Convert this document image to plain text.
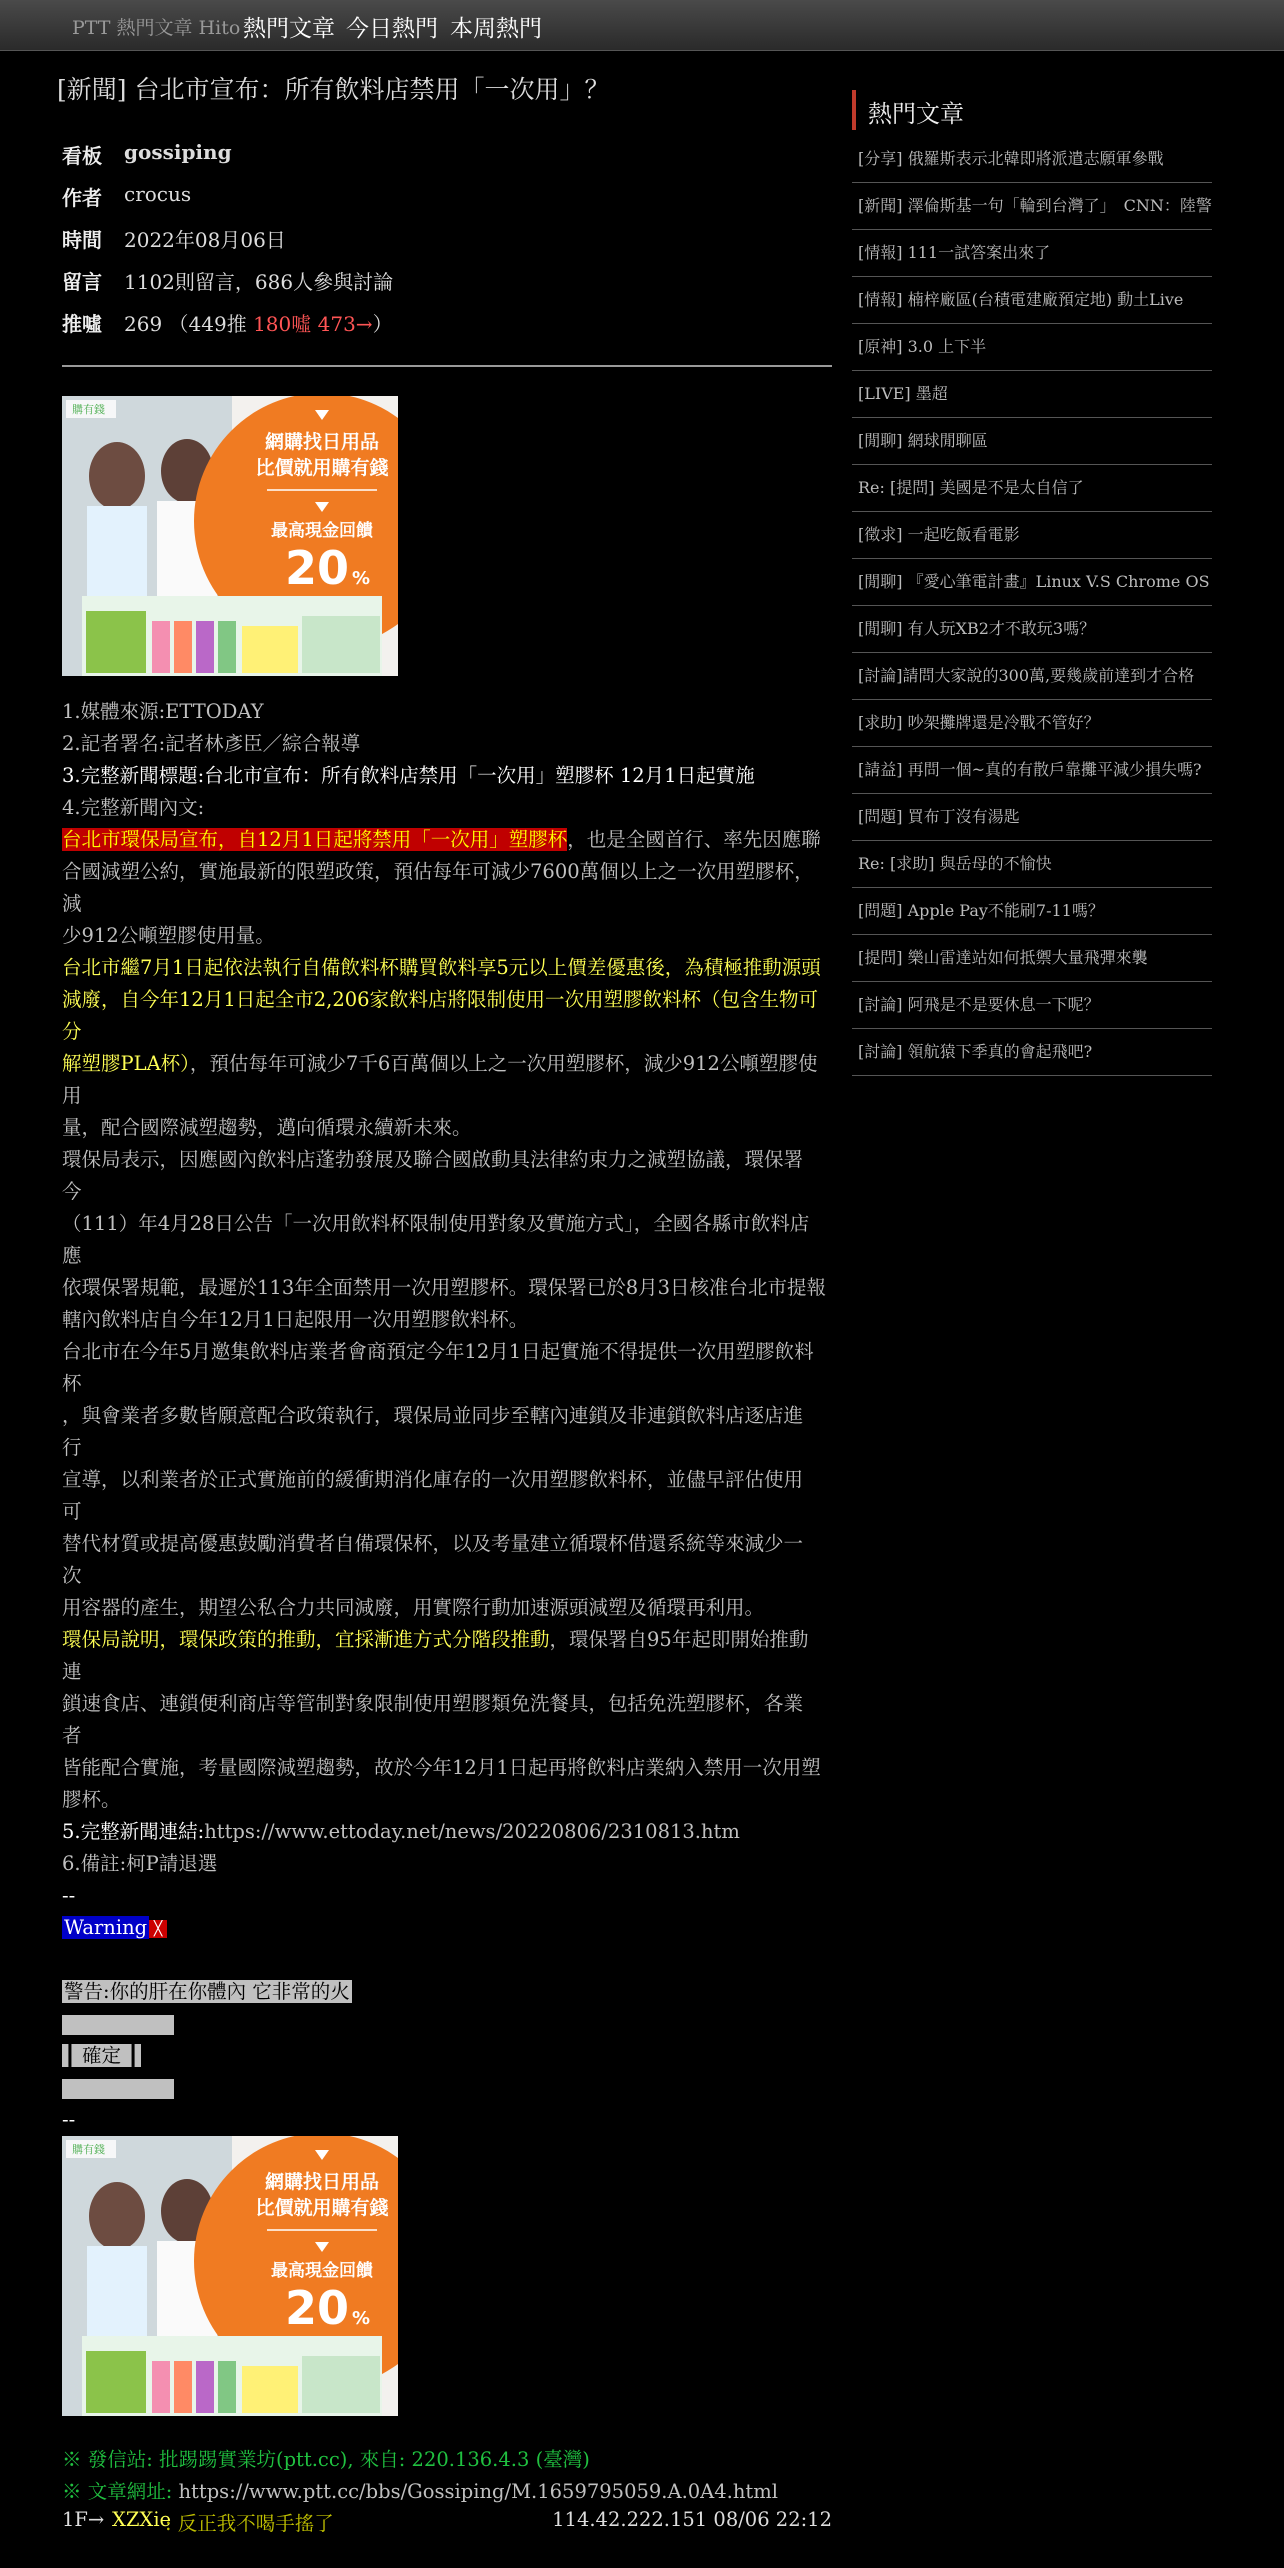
PTT 熱門文章 Hito 熱門文章 今日熱門 本周熱門
[新聞] 台北市宣布：所有飲料店禁用「一次用」？
看板 gossiping
作者 crocus
時間 2022年08月06日
留言 1102則留言，686人參與討論
推噓 269 （449推 180噓 473→）
網購找日用品
比價就用購有錢
最高現金回饋
20 %
購有錢
網購找日用品
比價就用購有錢
最高現金回饋
20 %
購有錢
1.媒體來源:ETTODAY
2.記者署名:記者林彥臣／綜合報導
3.完整新聞標題:台北市宣布：所有飲料店禁用「一次用」塑膠杯 12月1日起實施
4.完整新聞內文:
台北市環保局宣布，自12月1日起將禁用「一次用」塑膠杯，也是全國首行、率先因應聯
合國減塑公約，實施最新的限塑政策，預估每年可減少7600萬個以上之一次用塑膠杯，
減
少912公噸塑膠使用量。
台北市繼7月1日起依法執行自備飲料杯購買飲料享5元以上價差優惠後，為積極推動源頭
減廢，自今年12月1日起全市2,206家飲料店將限制使用一次用塑膠飲料杯（包含生物可
分
解塑膠PLA杯），預估每年可減少7千6百萬個以上之一次用塑膠杯，減少912公噸塑膠使
用
量，配合國際減塑趨勢，邁向循環永續新未來。
環保局表示，因應國內飲料店蓬勃發展及聯合國啟動具法律約束力之減塑協議，環保署
今
（111）年4月28日公告「一次用飲料杯限制使用對象及實施方式」，全國各縣市飲料店
應
依環保署規範，最遲於113年全面禁用一次用塑膠杯。環保署已於8月3日核准台北市提報
轄內飲料店自今年12月1日起限用一次用塑膠飲料杯。
台北市在今年5月邀集飲料店業者會商預定今年12月1日起實施不得提供一次用塑膠飲料
杯
，與會業者多數皆願意配合政策執行，環保局並同步至轄內連鎖及非連鎖飲料店逐店進
行
宣導，以利業者於正式實施前的緩衝期消化庫存的一次用塑膠飲料杯，並儘早評估使用
可
替代材質或提高優惠鼓勵消費者自備環保杯，以及考量建立循環杯借還系統等來減少一
次
用容器的產生，期望公私合力共同減廢，用實際行動加速源頭減塑及循環再利用。
環保局說明，環保政策的推動，宜採漸進方式分階段推動，環保署自95年起即開始推動
連
鎖速食店、連鎖便利商店等管制對象限制使用塑膠類免洗餐具，包括免洗塑膠杯，各業
者
皆能配合實施，考量國際減塑趨勢，故於今年12月1日起再將飲料店業納入禁用一次用塑
膠杯。
5.完整新聞連結:https://www.ettoday.net/news/20220806/2310813.htm
6.備註:柯P請退選
--
Warning ╳

警告:你的肝在你體內 它非常的火
┃ 確定 ┃
--
※ 發信站: 批踢踢實業坊(ptt.cc), 來自: 220.136.4.3 (臺灣)
※ 文章網址: https://www.ptt.cc/bbs/Gossiping/M.1659795059.A.0A4.html
1F→ XZXie
: 反正我不喝手搖了	114.42.222.151 08/06 22:12
熱門文章
[分享] 俄羅斯表示北韓即將派遣志願軍參戰
[新聞] 澤倫斯基一句「輪到台灣了」　CNN：陸警
[情報] 111一試答案出來了
[情報] 楠梓廠區(台積電建廠預定地) 動土Live
[原神] 3.0 上下半
[LIVE] 墨超
[閒聊] 網球閒聊區
Re: [提問] 美國是不是太自信了
[徵求] 一起吃飯看電影
[閒聊] 『愛心筆電計畫』Linux V.S Chrome OS
[閒聊] 有人玩XB2才不敢玩3嗎？
[討論]請問大家說的300萬,要幾歲前達到才合格
[求助] 吵架攤牌還是冷戰不管好？
[請益] 再問一個~真的有散戶靠攤平減少損失嗎?
[問題] 買布丁沒有湯匙
Re: [求助] 與岳母的不愉快
[問題] Apple Pay不能刷7-11嗎？
[提問] 樂山雷達站如何抵禦大量飛彈來襲
[討論] 阿飛是不是要休息一下呢？
[討論] 領航猿下季真的會起飛吧?
